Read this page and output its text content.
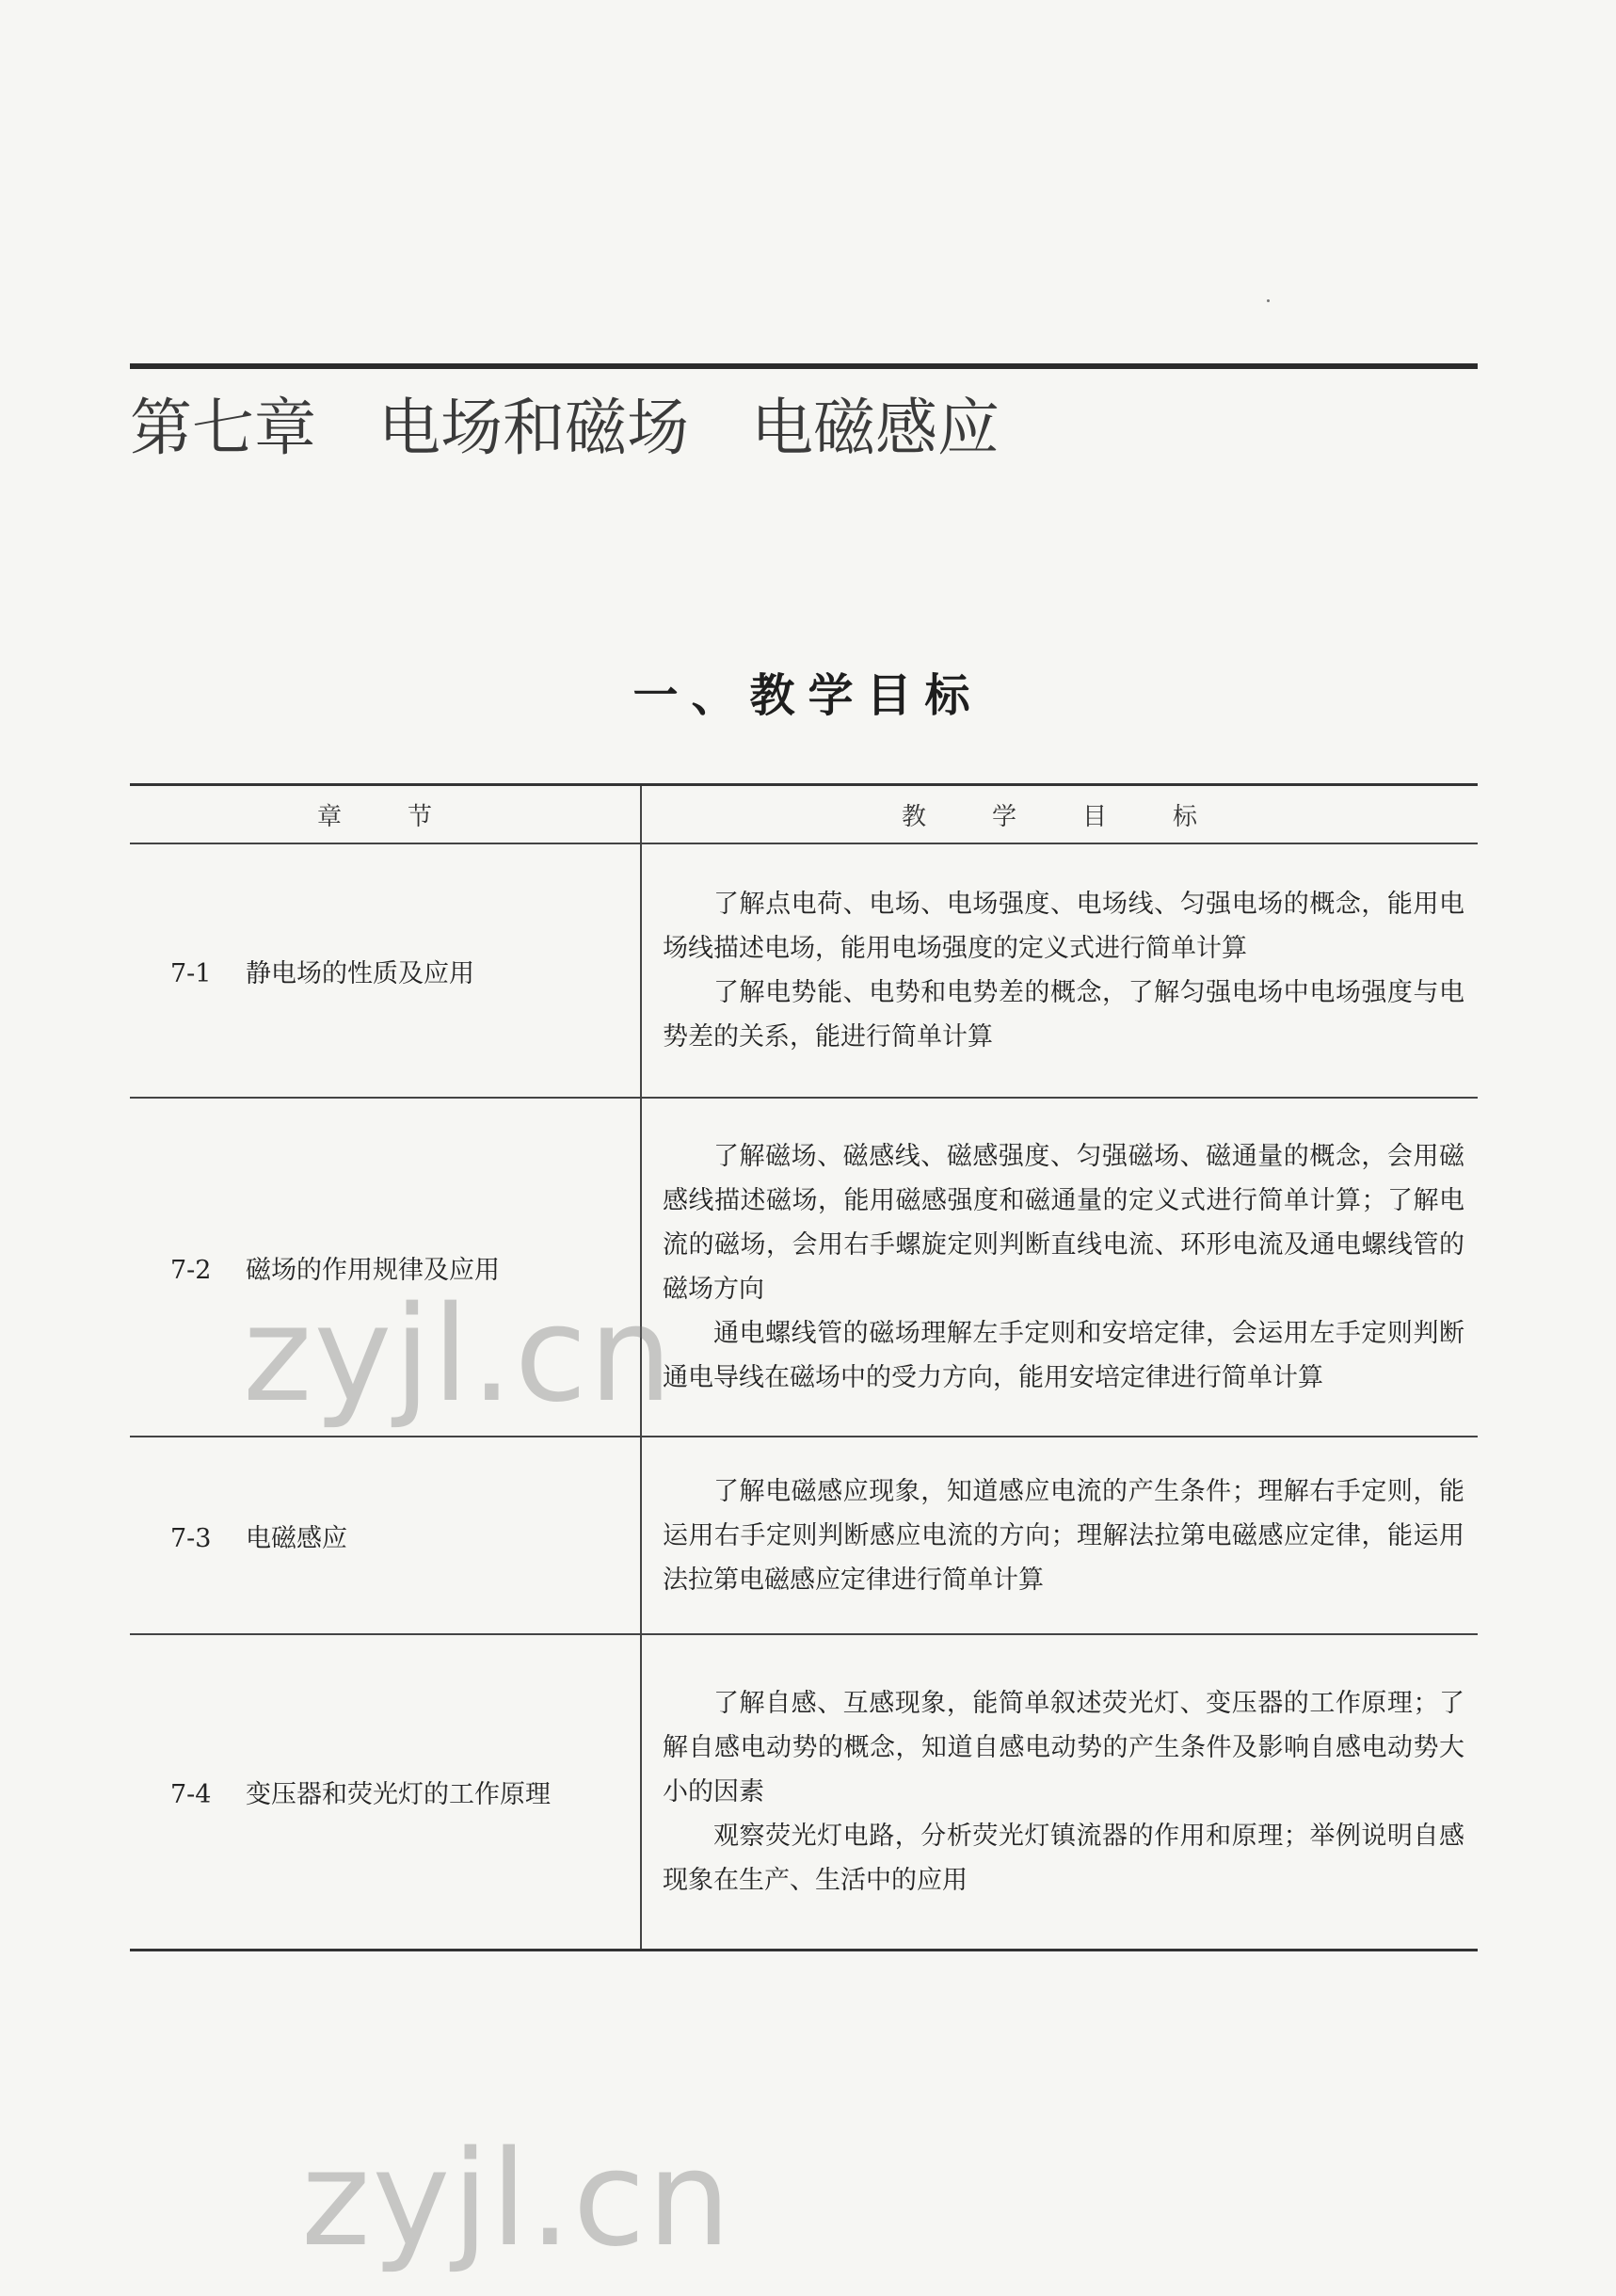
第七章　电场和磁场　电磁感应
一、教学目标
章　节	教　学　目　标
7-1 静电场的性质及应用	了解点电荷、电场、电场强度、电场线、匀强电场的概念，能用电场线描述电场，能用电场强度的定义式进行简单计算

了解电势能、电势和电势差的概念，了解匀强电场中电场强度与电势差的关系，能进行简单计算

7-2 磁场的作用规律及应用	了解磁场、磁感线、磁感强度、匀强磁场、磁通量的概念，会用磁感线描述磁场，能用磁感强度和磁通量的定义式进行简单计算；了解电流的磁场，会用右手螺旋定则判断直线电流、环形电流及通电螺线管的磁场方向

通电螺线管的磁场理解左手定则和安培定律，会运用左手定则判断通电导线在磁场中的受力方向，能用安培定律进行简单计算

7-3 电磁感应	了解电磁感应现象，知道感应电流的产生条件；理解右手定则，能运用右手定则判断感应电流的方向；理解法拉第电磁感应定律，能运用法拉第电磁感应定律进行简单计算

7-4 变压器和荧光灯的工作原理	了解自感、互感现象，能简单叙述荧光灯、变压器的工作原理；了解自感电动势的概念，知道自感电动势的产生条件及影响自感电动势大小的因素

观察荧光灯电路，分析荧光灯镇流器的作用和原理；举例说明自感现象在生产、生活中的应用

zyjl.cn
zyjl.cn
